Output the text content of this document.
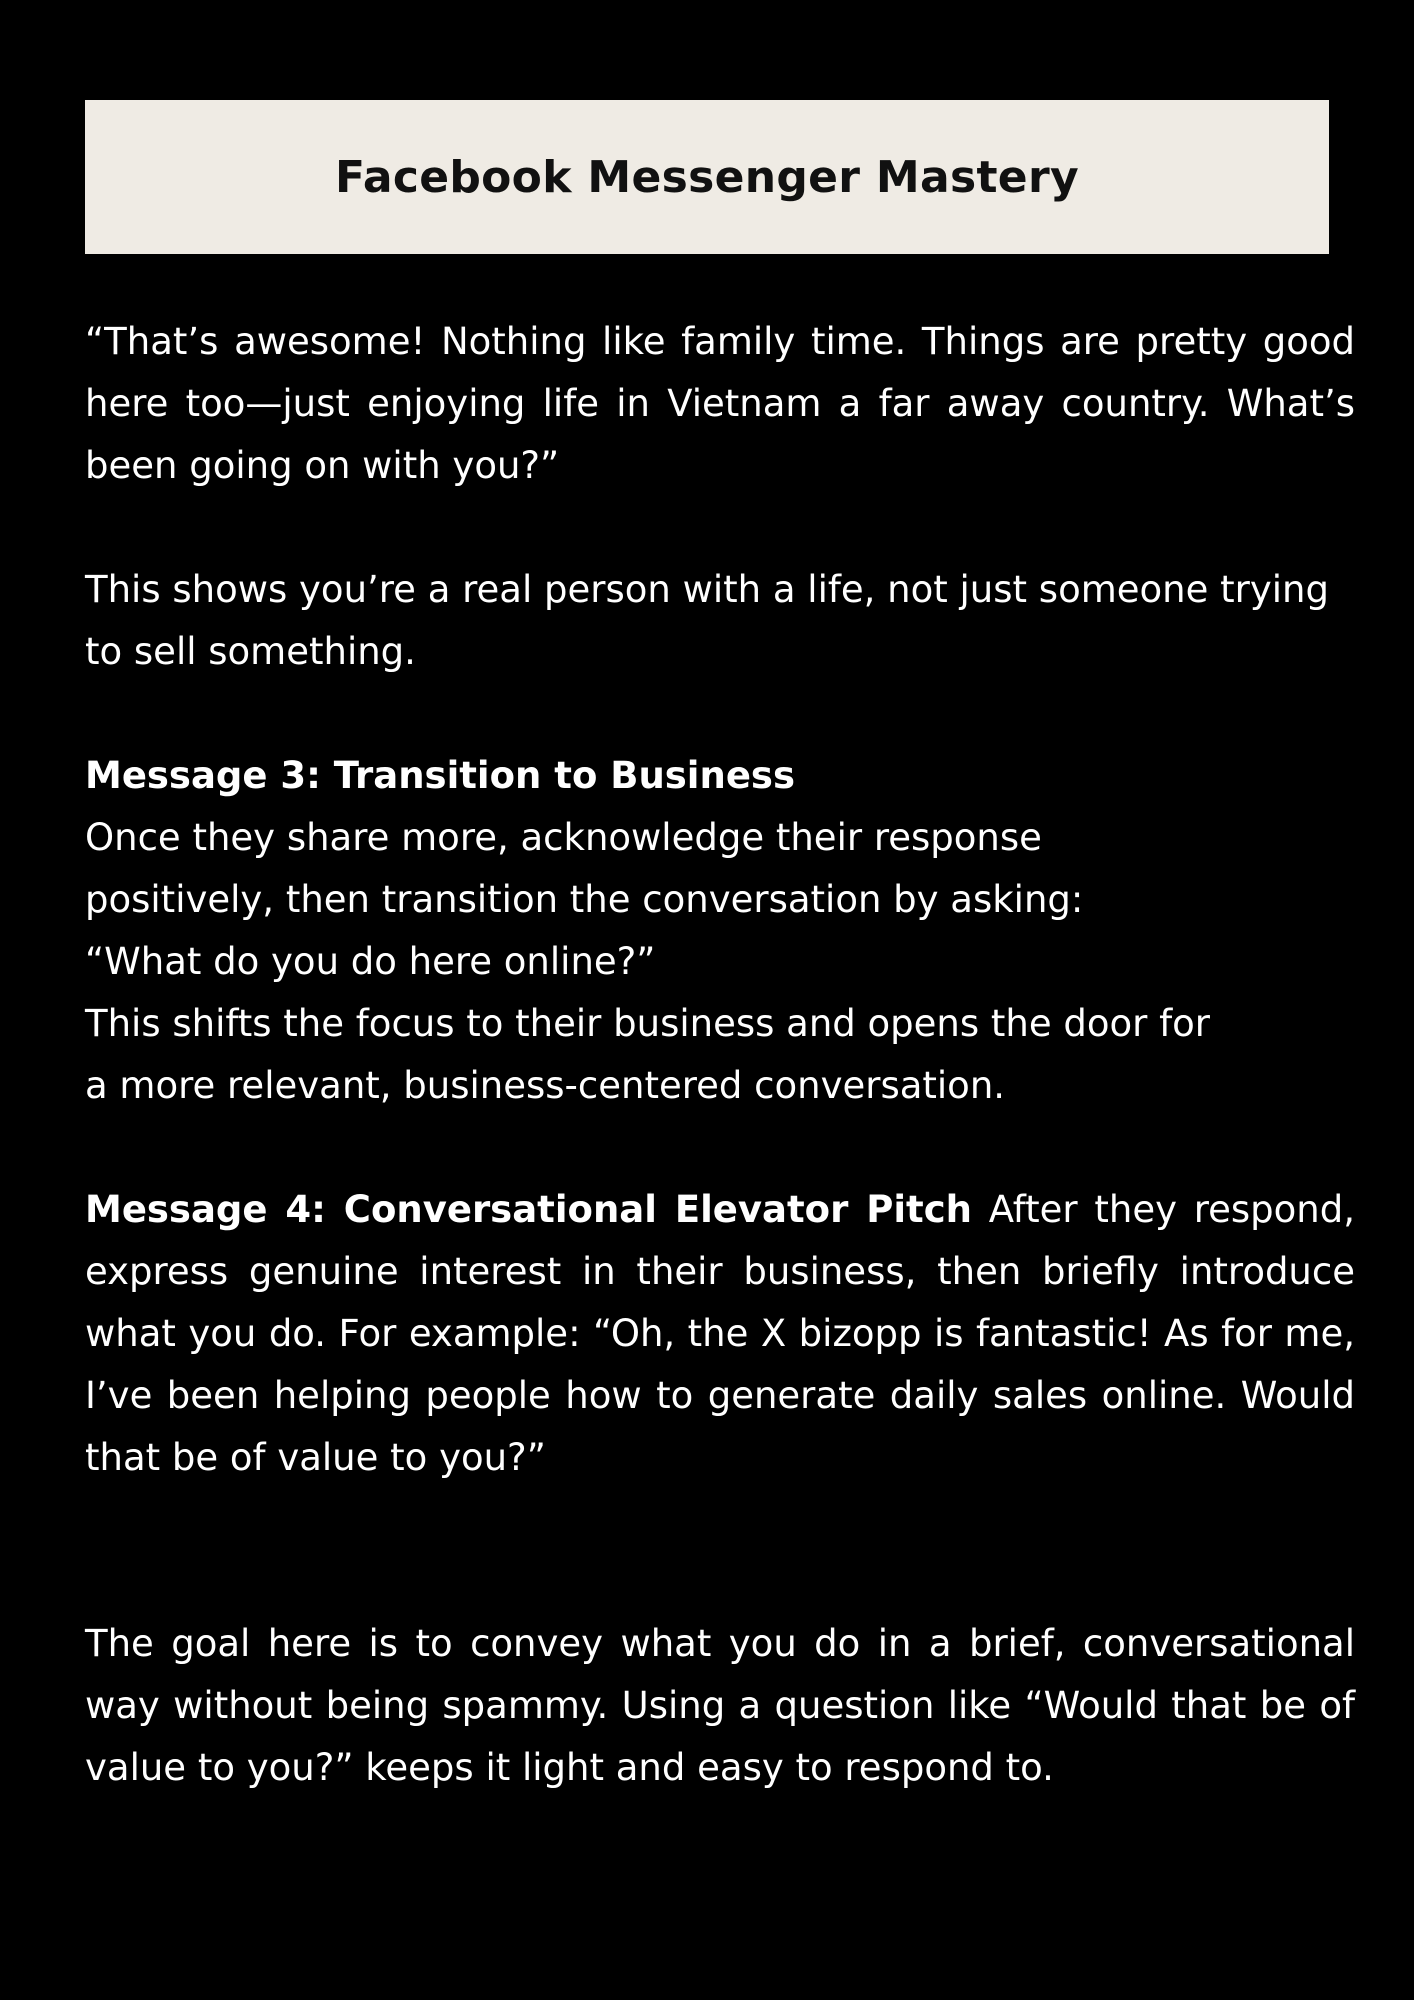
Facebook Messenger Mastery

“That’s awesome! Nothing like family time. Things are pretty good here too—just enjoying life in Vietnam a far away country. What’s been going on with you?”

This shows you’re a real person with a life, not just someone trying to sell something.

Message 3: Transition to Business

Once they share more, acknowledge their response

positively, then transition the conversation by asking:

“What do you do here online?”

This shifts the focus to their business and opens the door for

a more relevant, business-centered conversation.

Message 4: Conversational Elevator Pitch After they respond, express genuine interest in their business, then briefly introduce what you do. For example: “Oh, the X bizopp is fantastic! As for me, I’ve been helping people how to generate daily sales online. Would that be of value to you?”

The goal here is to convey what you do in a brief, conversational way without being spammy. Using a question like “Would that be of value to you?” keeps it light and easy to respond to.
